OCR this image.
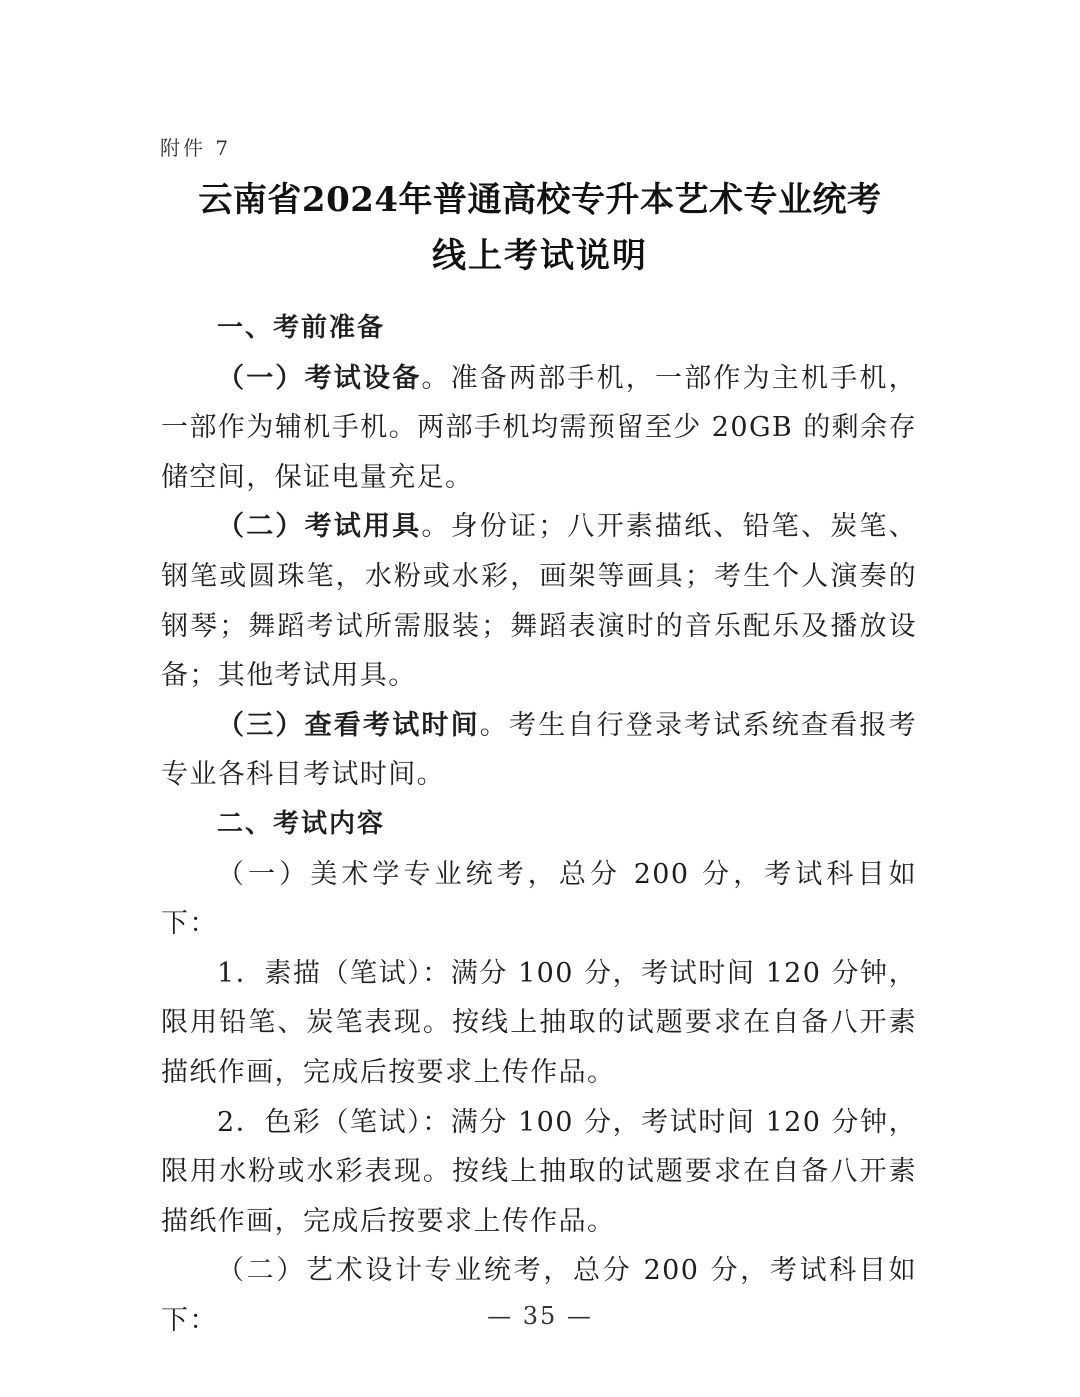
附件 7
云南省2024年普通高校专升本艺术专业统考
线上考试说明

一、考前准备

（一）考试设备。准备两部手机，一部作为主机手机，一部作为辅机手机。两部手机均需预留至少 20GB 的剩余存储空间，保证电量充足。

（二）考试用具。身份证；八开素描纸、铅笔、炭笔、钢笔或圆珠笔，水粉或水彩，画架等画具；考生个人演奏的钢琴；舞蹈考试所需服装；舞蹈表演时的音乐配乐及播放设备；其他考试用具。

（三）查看考试时间。考生自行登录考试系统查看报考专业各科目考试时间。

二、考试内容

（一）美术学专业统考，总分 200 分，考试科目如下：

1．素描（笔试）：满分 100 分，考试时间 120 分钟，限用铅笔、炭笔表现。按线上抽取的试题要求在自备八开素描纸作画，完成后按要求上传作品。

2．色彩（笔试）：满分 100 分，考试时间 120 分钟，限用水粉或水彩表现。按线上抽取的试题要求在自备八开素描纸作画，完成后按要求上传作品。

（二）艺术设计专业统考，总分 200 分，考试科目如下：	— 35 —
